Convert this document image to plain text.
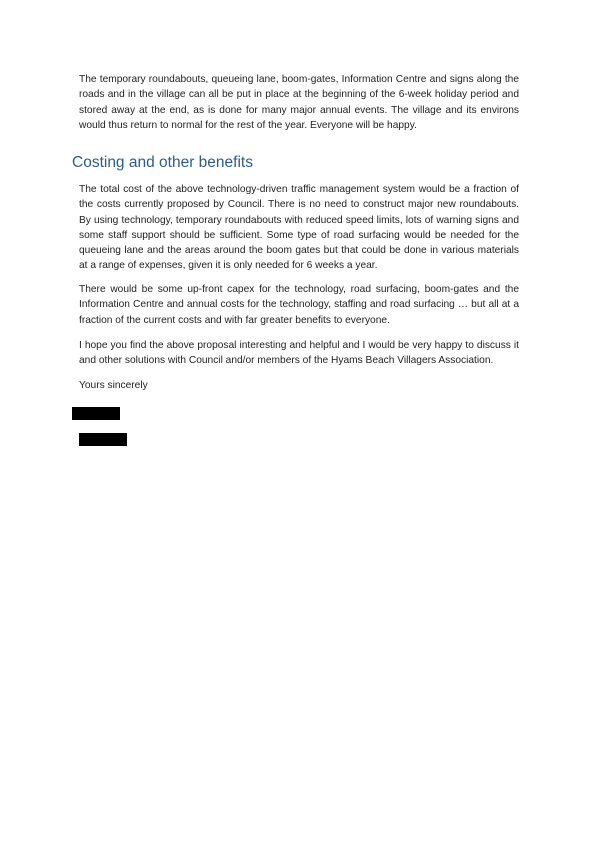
The temporary roundabouts, queueing lane, boom-gates, Information Centre and signs along the roads and in the village can all be put in place at the beginning of the 6-week holiday period and stored away at the end, as is done for many major annual events. The village and its environs would thus return to normal for the rest of the year. Everyone will be happy.

Costing and other benefits

The total cost of the above technology-driven traffic management system would be a fraction of the costs currently proposed by Council. There is no need to construct major new roundabouts. By using technology, temporary roundabouts with reduced speed limits, lots of warning signs and some staff support should be sufficient. Some type of road surfacing would be needed for the queueing lane and the areas around the boom gates but that could be done in various materials at a range of expenses, given it is only needed for 6 weeks a year.

There would be some up-front capex for the technology, road surfacing, boom-gates and the Information Centre and annual costs for the technology, staffing and road surfacing … but all at a fraction of the current costs and with far greater benefits to everyone.

I hope you find the above proposal interesting and helpful and I would be very happy to discuss it and other solutions with Council and/or members of the Hyams Beach Villagers Association.

Yours sincerely
